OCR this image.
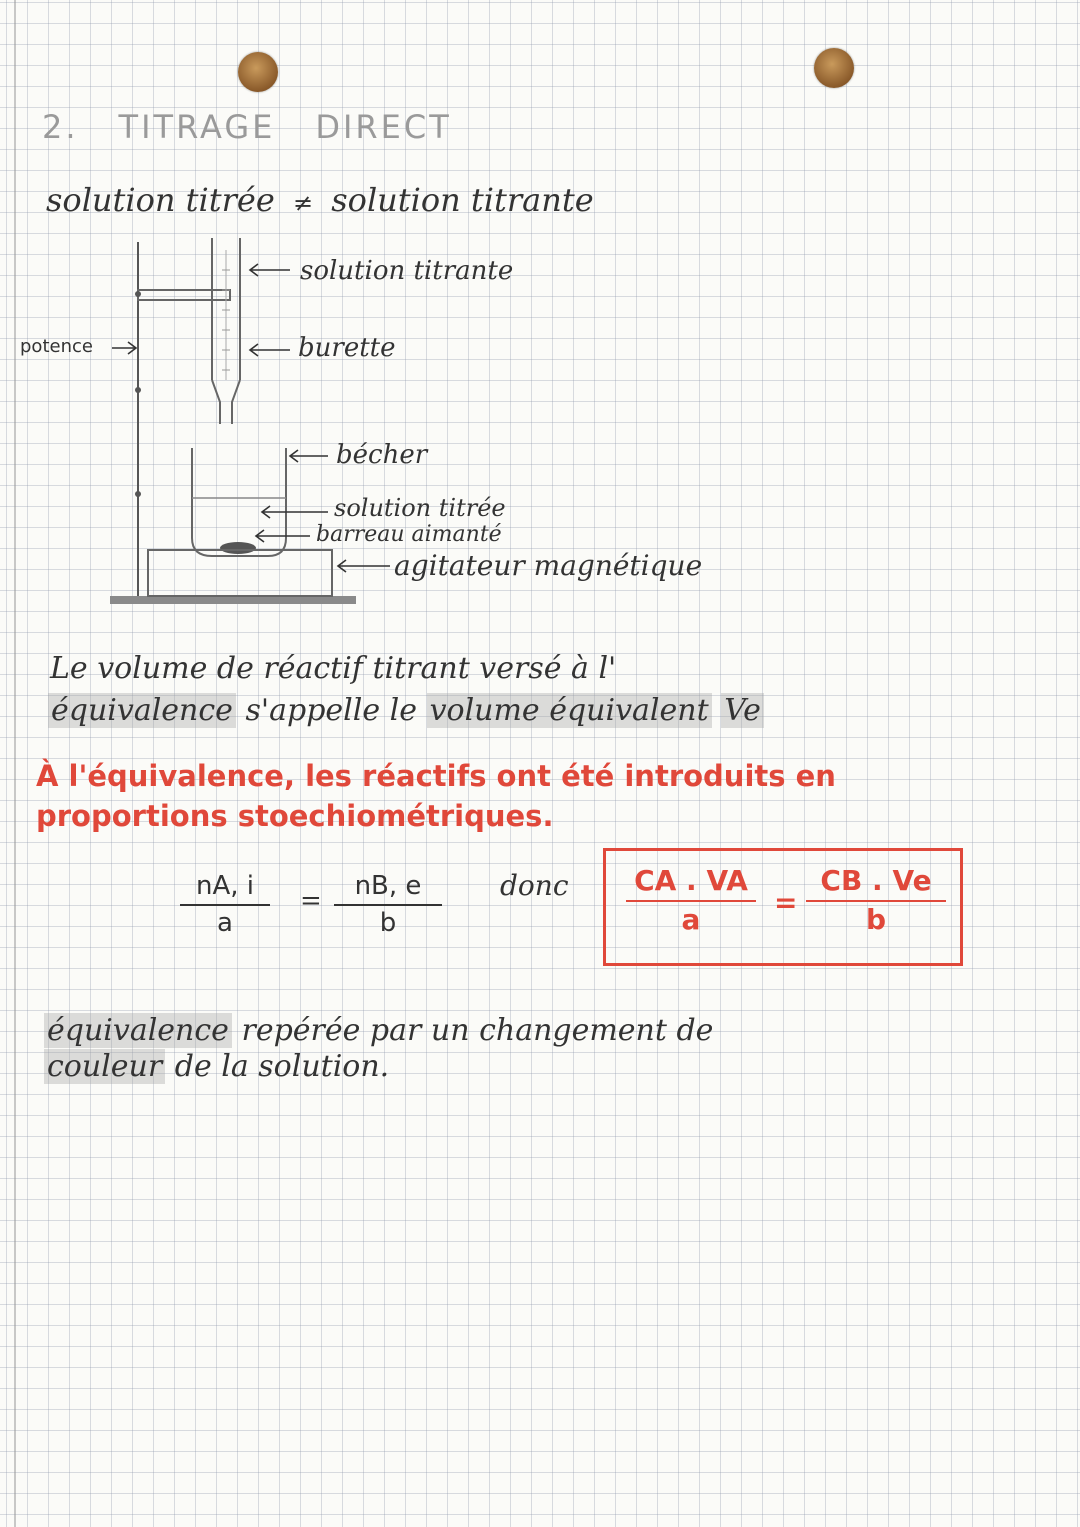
2. TITRAGE DIRECT
solution titrée ≠ solution titrante
solution titrante
burette
potence
bécher
solution titrée
barreau aimanté
agitateur magnétique
Le volume de réactif titrant versé à l'
équivalence s'appelle le volume équivalent Ve
À l'équivalence, les réactifs ont été introduits en
proportions stoechiométriques.
nA, i
a
=	nB, e
b
donc CA . VA
a
=
CB . Ve
b
équivalence repérée par un changement de
couleur de la solution.
